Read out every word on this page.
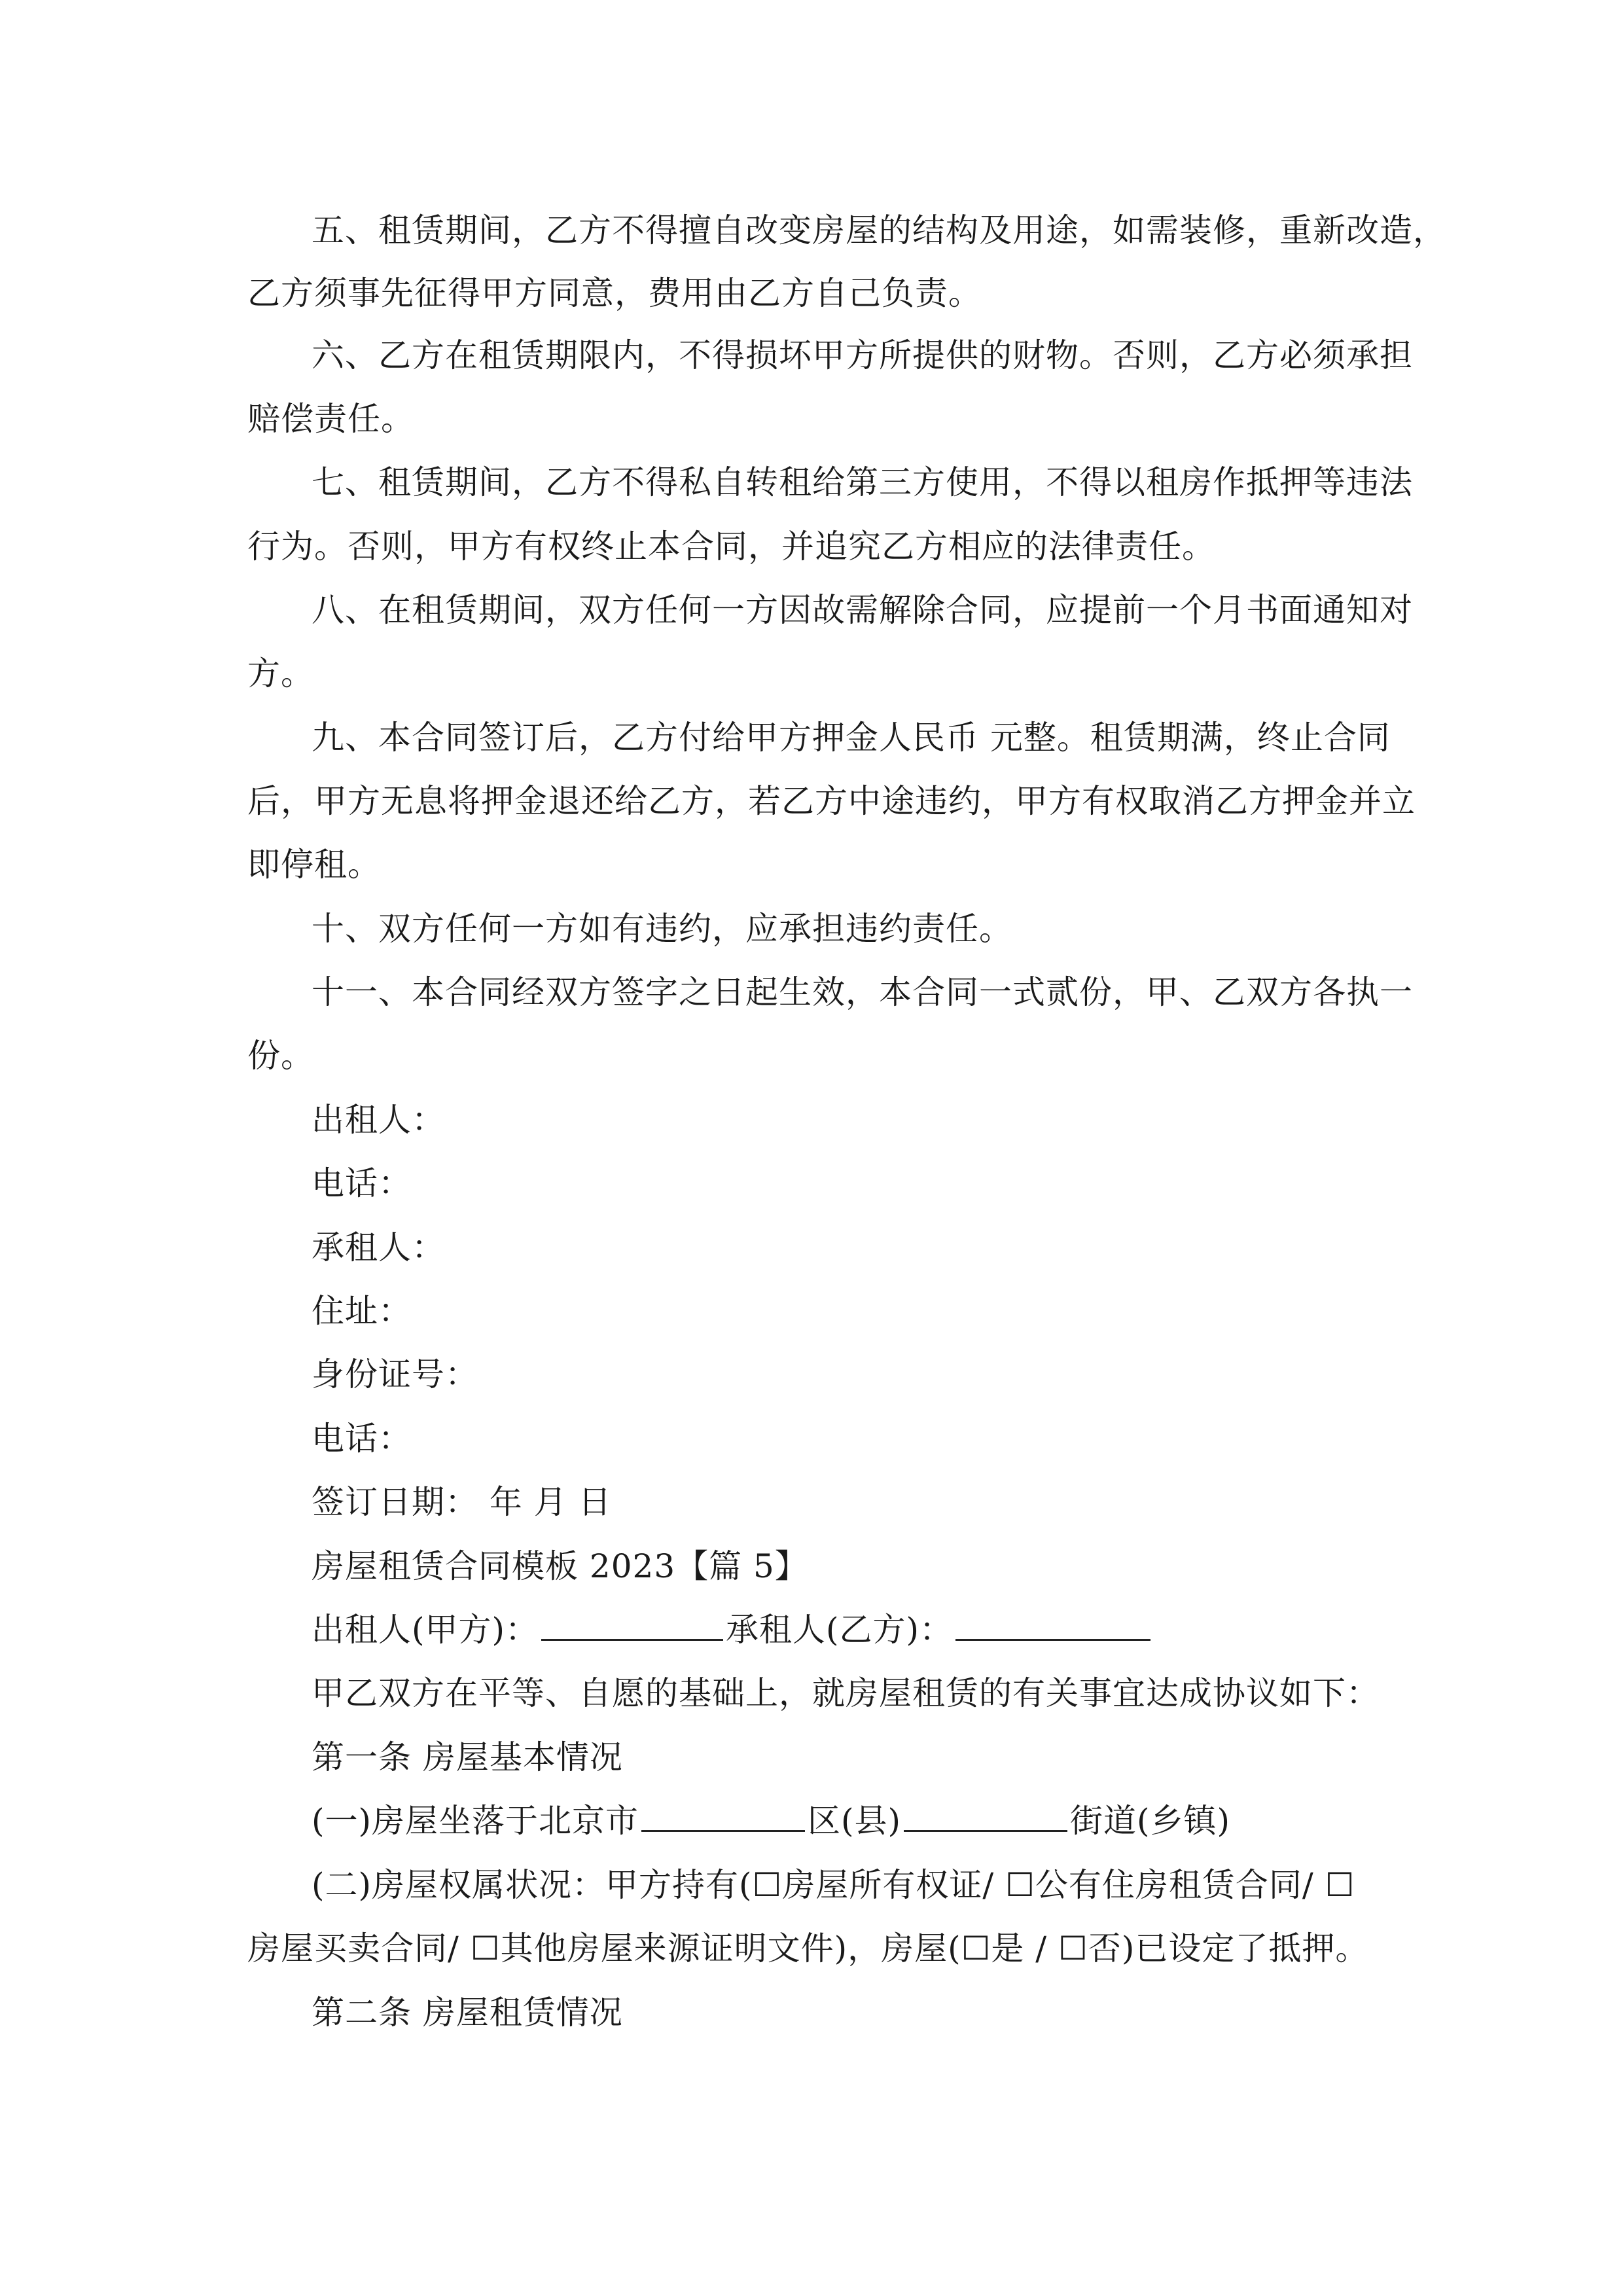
五、租赁期间，乙方不得擅自改变房屋的结构及用途，如需装修，重新改造，
乙方须事先征得甲方同意，费用由乙方自己负责。
六、乙方在租赁期限内，不得损坏甲方所提供的财物。否则，乙方必须承担
赔偿责任。
七、租赁期间，乙方不得私自转租给第三方使用，不得以租房作抵押等违法
行为。否则，甲方有权终止本合同，并追究乙方相应的法律责任。
八、在租赁期间，双方任何一方因故需解除合同，应提前一个月书面通知对
方。
九、本合同签订后，乙方付给甲方押金人民币 元整。租赁期满，终止合同
后，甲方无息将押金退还给乙方，若乙方中途违约，甲方有权取消乙方押金并立
即停租。
十、双方任何一方如有违约，应承担违约责任。
十一、本合同经双方签字之日起生效，本合同一式贰份，甲、乙双方各执一
份。
出租人：
电话：
承租人：
住址：
身份证号：
电话：
签订日期： 年 月 日
房屋租赁合同模板 2023【篇 5】
出租人(甲方)：	承租人(乙方)：
甲乙双方在平等、自愿的基础上，就房屋租赁的有关事宜达成协议如下：
第一条 房屋基本情况
(一)房屋坐落于北京市	区(县)	街道(乡镇)
(二)房屋权属状况：甲方持有(☐房屋所有权证/ ☐公有住房租赁合同/ ☐
房屋买卖合同/ ☐其他房屋来源证明文件)，房屋(☐是 / ☐否)已设定了抵押。
第二条 房屋租赁情况
